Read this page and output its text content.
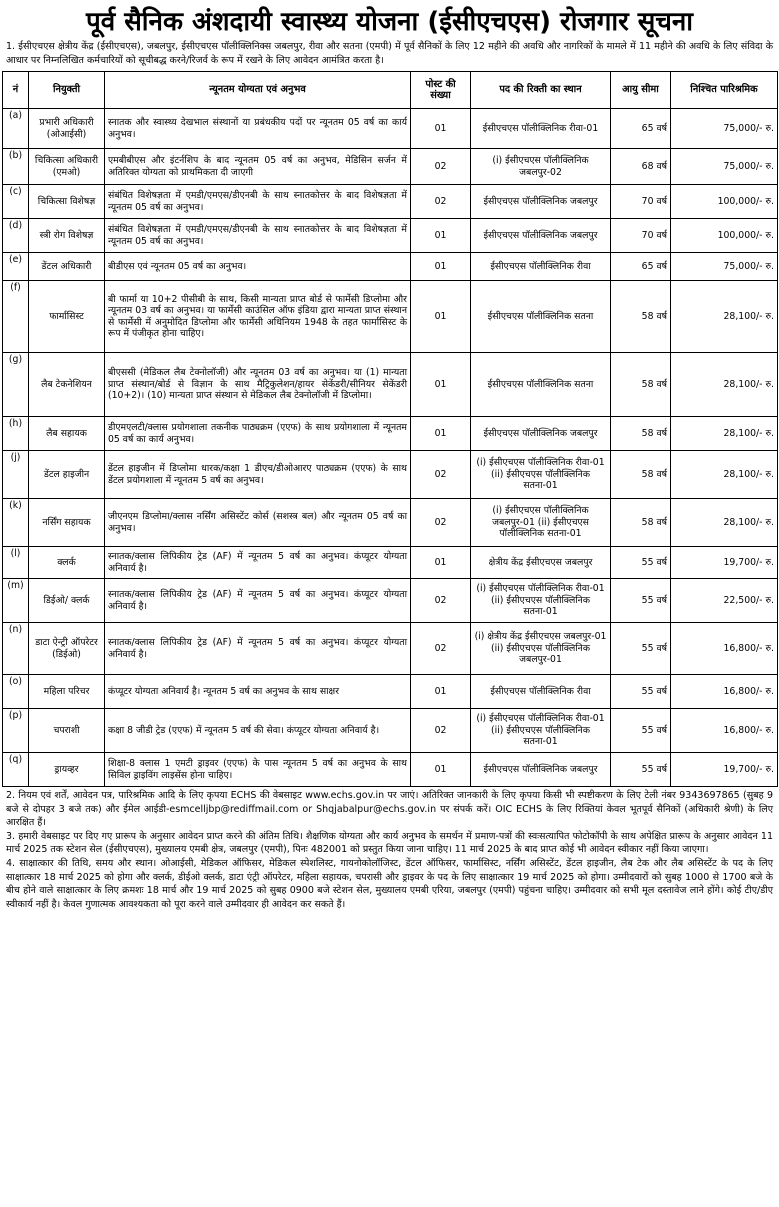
पूर्व सैनिक अंशदायी स्वास्थ्य योजना (ईसीएचएस) रोजगार सूचना

1. ईसीएचएस क्षेत्रीय केंद्र (ईसीएचएस), जबलपुर, ईसीएचएस पॉलीक्लिनिक्स जबलपुर, रीवा और सतना (एमपी) में पूर्व सैनिकों के लिए 12 महीने की अवधि और नागरिकों के मामले में 11 महीने की अवधि के लिए संविदा के आधार पर निम्नलिखित कर्मचारियों को सूचीबद्ध करने/रिजर्व के रूप में रखने के लिए आवेदन आमंत्रित करता है।

नं	नियुक्ती	न्यूनतम योग्यता एवं अनुभव	पोस्ट की संख्या	पद की रिक्ती का स्थान	आयु सीमा	निश्चित पारिश्रमिक
(a)	प्रभारी अधिकारी (ओआईसी)	स्नातक और स्वास्थ्य देखभाल संस्थानों या प्रबंधकीय पदों पर न्यूनतम 05 वर्ष का कार्य अनुभव।	01	ईसीएचएस पॉलीक्लिनिक रीवा-01	65 वर्ष	75,000/- रु.
(b)	चिकित्सा अधिकारी (एमओ)	एमबीबीएस और इंटर्नशिप के बाद न्यूनतम 05 वर्ष का अनुभव, मेडिसिन सर्जन में अतिरिक्त योग्यता को प्राथमिकता दी जाएगी	02	(i) ईसीएचएस पॉलीक्लिनिक जबलपुर-02	68 वर्ष	75,000/- रु.
(c)	चिकित्सा विशेषज्ञ	संबंधित विशेषज्ञता में एमडी/एमएस/डीएनबी के साथ स्नातकोत्तर के बाद विशेषज्ञता में न्यूनतम 05 वर्ष का अनुभव।	02	ईसीएचएस पॉलीक्लिनिक जबलपुर	70 वर्ष	100,000/- रु.
(d)	स्त्री रोग विशेषज्ञ	संबंधित विशेषज्ञता में एमडी/एमएस/डीएनबी के साथ स्नातकोत्तर के बाद विशेषज्ञता में न्यूनतम 05 वर्ष का अनुभव।	01	ईसीएचएस पॉलीक्लिनिक जबलपुर	70 वर्ष	100,000/- रु.
(e)	डेंटल अधिकारी	बीडीएस एवं न्यूनतम 05 वर्ष का अनुभव।	01	ईसीएचएस पॉलीक्लिनिक रीवा	65 वर्ष	75,000/- रु.
(f)	फार्मासिस्ट	बी फार्मा या 10+2 पीसीबी के साथ, किसी मान्यता प्राप्त बोर्ड से फार्मेसी डिप्लोमा और न्यूनतम 03 वर्ष का अनुभव। या फार्मेसी काउंसिल ऑफ इंडिया द्वारा मान्यता प्राप्त संस्थान से फार्मेसी में अनुमोदित डिप्लोमा और फार्मेसी अधिनियम 1948 के तहत फार्मासिस्ट के रूप में पंजीकृत होना चाहिए।	01	ईसीएचएस पॉलीक्लिनिक सतना	58 वर्ष	28,100/- रु.
(g)	लैब टेकनेशियन	बीएससी (मेडिकल लैब टेक्नोलॉजी) और न्यूनतम 03 वर्ष का अनुभव। या (1) मान्यता प्राप्त संस्थान/बोर्ड से विज्ञान के साथ मैट्रिकुलेशन/हायर सेकेंडरी/सीनियर सेकेंडरी (10+2)। (10) मान्यता प्राप्त संस्थान से मेडिकल लैब टेक्नोलॉजी में डिप्लोमा।	01	ईसीएचएस पॉलीक्लिनिक सतना	58 वर्ष	28,100/- रु.
(h)	लैब सहायक	डीएमएलटी/क्लास प्रयोगशाला तकनीक पाठ्यक्रम (एएफ) के साथ प्रयोगशाला में न्यूनतम 05 वर्ष का कार्य अनुभव।	01	ईसीएचएस पॉलीक्लिनिक जबलपुर	58 वर्ष	28,100/- रु.
(j)	डेंटल हाइजीन	डेंटल हाइजीन में डिप्लोमा धारक/कक्षा 1 डीएच/डीओआरए पाठ्यक्रम (एएफ) के साथ डेंटल प्रयोगशाला में न्यूनतम 5 वर्ष का अनुभव।	02	(i) ईसीएचएस पॉलीक्लिनिक रीवा-01 (ii) ईसीएचएस पॉलीक्लिनिक सतना-01	58 वर्ष	28,100/- रु.
(k)	नर्सिंग सहायक	जीएनएम डिप्लोमा/क्लास नर्सिंग असिस्टेंट कोर्स (सशस्त्र बल) और न्यूनतम 05 वर्ष का अनुभव।	02	(i) ईसीएचएस पॉलीक्लिनिक जबलपुर-01 (ii) ईसीएचएस पॉलीक्लिनिक सतना-01	58 वर्ष	28,100/- रु.
(l)	क्लर्क	स्नातक/क्लास लिपिकीय ट्रेड (AF) में न्यूनतम 5 वर्ष का अनुभव। कंप्यूटर योग्यता अनिवार्य है।	01	क्षेत्रीय केंद्र ईसीएचएस जबलपुर	55 वर्ष	19,700/- रु.
(m)	डिईओ/ क्लर्क	स्नातक/क्लास लिपिकीय ट्रेड (AF) में न्यूनतम 5 वर्ष का अनुभव। कंप्यूटर योग्यता अनिवार्य है।	02	(i) ईसीएचएस पॉलीक्लिनिक रीवा-01 (ii) ईसीएचएस पॉलीक्लिनिक सतना-01	55 वर्ष	22,500/- रु.
(n)	डाटा ऐन्ट्री ऑपरेटर (डिईओ)	स्नातक/क्लास लिपिकीय ट्रेड (AF) में न्यूनतम 5 वर्ष का अनुभव। कंप्यूटर योग्यता अनिवार्य है।	02	(i) क्षेत्रीय केंद्र ईसीएचएस जबलपुर-01 (ii) ईसीएचएस पॉलीक्लिनिक जबलपुर-01	55 वर्ष	16,800/- रु.
(o)	महिला परिचर	कंप्यूटर योग्यता अनिवार्य है। न्यूनतम 5 वर्ष का अनुभव के साथ साक्षर	01	ईसीएचएस पॉलीक्लिनिक रीवा	55 वर्ष	16,800/- रु.
(p)	चपराशी	कक्षा 8 जीडी ट्रेड (एएफ) में न्यूनतम 5 वर्ष की सेवा। कंप्यूटर योग्यता अनिवार्य है।	02	(i) ईसीएचएस पॉलीक्लिनिक रीवा-01 (ii) ईसीएचएस पॉलीक्लिनिक सतना-01	55 वर्ष	16,800/- रु.
(q)	ड्रायव्हर	शिक्षा-8 क्लास 1 एमटी ड्राइवर (एएफ) के पास न्यूनतम 5 वर्ष का अनुभव के साथ सिविल ड्राइविंग लाइसेंस होना चाहिए।	01	ईसीएचएस पॉलीक्लिनिक जबलपुर	55 वर्ष	19,700/- रु.

2. नियम एवं शर्तें, आवेदन पत्र, पारिश्रमिक आदि के लिए कृपया ECHS की वेबसाइट www.echs.gov.in पर जाएं। अतिरिक्त जानकारी के लिए कृपया किसी भी स्पष्टीकरण के लिए टेली नंबर 9343697865 (सुबह 9 बजे से दोपहर 3 बजे तक) और ईमेल आईडी-esmcelljbp@rediffmail.com or Shqjabalpur@echs.gov.in पर संपर्क करें। OIC ECHS के लिए रिक्तियां केवल भूतपूर्व सैनिकों (अधिकारी श्रेणी) के लिए आरक्षित हैं।

3. हमारी वेबसाइट पर दिए गए प्रारूप के अनुसार आवेदन प्राप्त करने की अंतिम तिथि। शैक्षणिक योग्यता और कार्य अनुभव के समर्थन में प्रमाण-पत्रों की स्वःसत्यापित फोटोकॉपी के साथ अपेक्षित प्रारूप के अनुसार आवेदन 11 मार्च 2025 तक स्टेशन सेल (ईसीएचएस), मुख्यालय एमबी क्षेत्र, जबलपुर (एमपी), पिनः 482001 को प्रस्तुत किया जाना चाहिए। 11 मार्च 2025 के बाद प्राप्त कोई भी आवेदन स्वीकार नहीं किया जाएगा।

4. साक्षात्कार की तिथि, समय और स्थान। ओआईसी, मेडिकल ऑफिसर, मेडिकल स्पेशलिस्ट, गायनोकोलॉजिस्ट, डेंटल ऑफिसर, फार्मासिस्ट, नर्सिंग असिस्टेंट, डेंटल हाइजीन, लैब टेक और लैब असिस्टेंट के पद के लिए साक्षात्कार 18 मार्च 2025 को होगा और क्लर्क, डीईओ क्लर्क, डाटा एंट्री ऑपरेटर, महिला सहायक, चपरासी और ड्राइवर के पद के लिए साक्षात्कार 19 मार्च 2025 को होगा। उम्मीदवारों को सुबह 1000 से 1700 बजे के बीच होने वाले साक्षात्कार के लिए क्रमशः 18 मार्च और 19 मार्च 2025 को सुबह 0900 बजे स्टेशन सेल, मुख्यालय एमबी एरिया, जबलपुर (एमपी) पहुंचना चाहिए। उम्मीदवार को सभी मूल दस्तावेज लाने होंगे। कोई टीए/डीए स्वीकार्य नहीं है। केवल गुणात्मक आवश्यकता को पूरा करने वाले उम्मीदवार ही आवेदन कर सकते हैं।
